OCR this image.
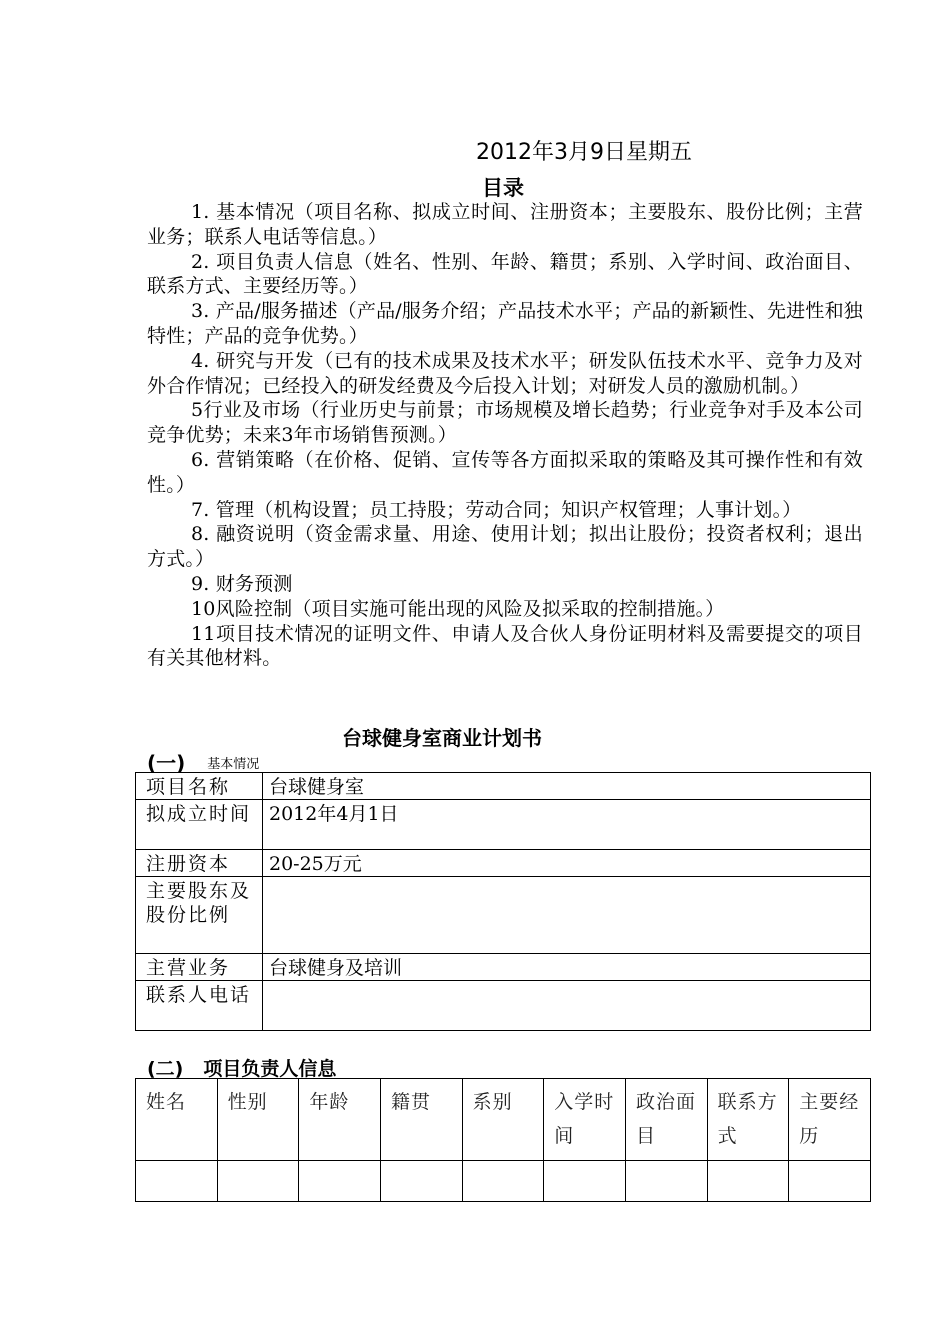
2012年3月9日星期五
目录

1. 基本情况（项目名称、拟成立时间、注册资本；主要股东、股份比例；主营业务；联系人电话等信息。）

2. 项目负责人信息（姓名、性别、年龄、籍贯；系别、入学时间、政治面目、联系方式、主要经历等。）

3. 产品/服务描述（产品/服务介绍；产品技术水平；产品的新颖性、先进性和独特性；产品的竞争优势。）

4. 研究与开发（已有的技术成果及技术水平；研发队伍技术水平、竞争力及对外合作情况；已经投入的研发经费及今后投入计划；对研发人员的激励机制。）

5行业及市场（行业历史与前景；市场规模及增长趋势；行业竞争对手及本公司竞争优势；未来3年市场销售预测。）

6. 营销策略（在价格、促销、宣传等各方面拟采取的策略及其可操作性和有效性。）

7. 管理（机构设置；员工持股；劳动合同；知识产权管理；人事计划。）

8. 融资说明（资金需求量、用途、使用计划；拟出让股份；投资者权利；退出方式。）

9. 财务预测

10风险控制（项目实施可能出现的风险及拟采取的控制措施。）

11项目技术情况的证明文件、申请人及合伙人身份证明材料及需要提交的项目有关其他材料。

台球健身室商业计划书
(一) 基本情况
项目名称	台球健身室
拟成立时间	2012年4月1日
注册资本	20-25万元
主要股东及股份比例	
主营业务	台球健身及培训
联系人电话	
(二) 项目负责人信息
姓名	性别	年龄	籍贯	系别	入学时间	政治面目	联系方式	主要经历
